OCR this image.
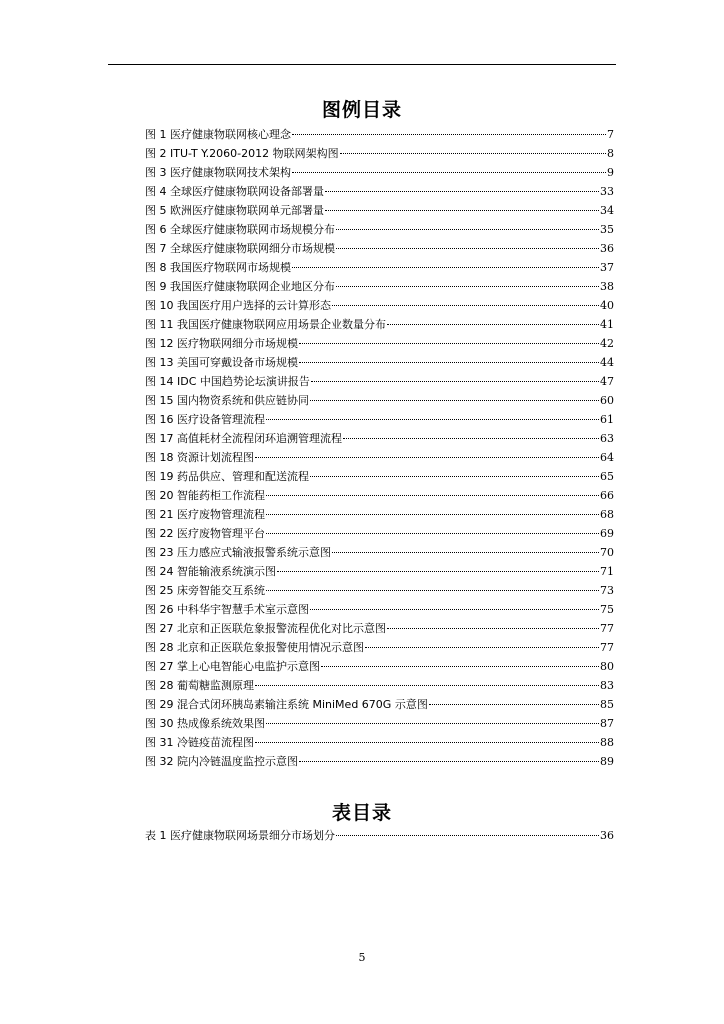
图例目录
图 1 医疗健康物联网核心理念	7
图 2 ITU-T Y.2060-2012 物联网架构图	8
图 3 医疗健康物联网技术架构	9
图 4 全球医疗健康物联网设备部署量	33
图 5 欧洲医疗健康物联网单元部署量	34
图 6 全球医疗健康物联网市场规模分布	35
图 7 全球医疗健康物联网细分市场规模	36
图 8 我国医疗物联网市场规模	37
图 9 我国医疗健康物联网企业地区分布	38
图 10 我国医疗用户选择的云计算形态	40
图 11 我国医疗健康物联网应用场景企业数量分布	41
图 12 医疗物联网细分市场规模	42
图 13 美国可穿戴设备市场规模	44
图 14 IDC 中国趋势论坛演讲报告	47
图 15 国内物资系统和供应链协同	60
图 16 医疗设备管理流程	61
图 17 高值耗材全流程闭环追溯管理流程	63
图 18 资源计划流程图	64
图 19 药品供应、管理和配送流程	65
图 20 智能药柜工作流程	66
图 21 医疗废物管理流程	68
图 22 医疗废物管理平台	69
图 23 压力感应式输液报警系统示意图	70
图 24 智能输液系统演示图	71
图 25 床旁智能交互系统	73
图 26 中科华宇智慧手术室示意图	75
图 27 北京和正医联危象报警流程优化对比示意图	77
图 28 北京和正医联危象报警使用情况示意图	77
图 27 掌上心电智能心电监护示意图	80
图 28 葡萄糖监测原理	83
图 29 混合式闭环胰岛素输注系统 MiniMed 670G 示意图	85
图 30 热成像系统效果图	87
图 31 冷链疫苗流程图	88
图 32 院内冷链温度监控示意图	89
表目录
表 1 医疗健康物联网场景细分市场划分	36
5
